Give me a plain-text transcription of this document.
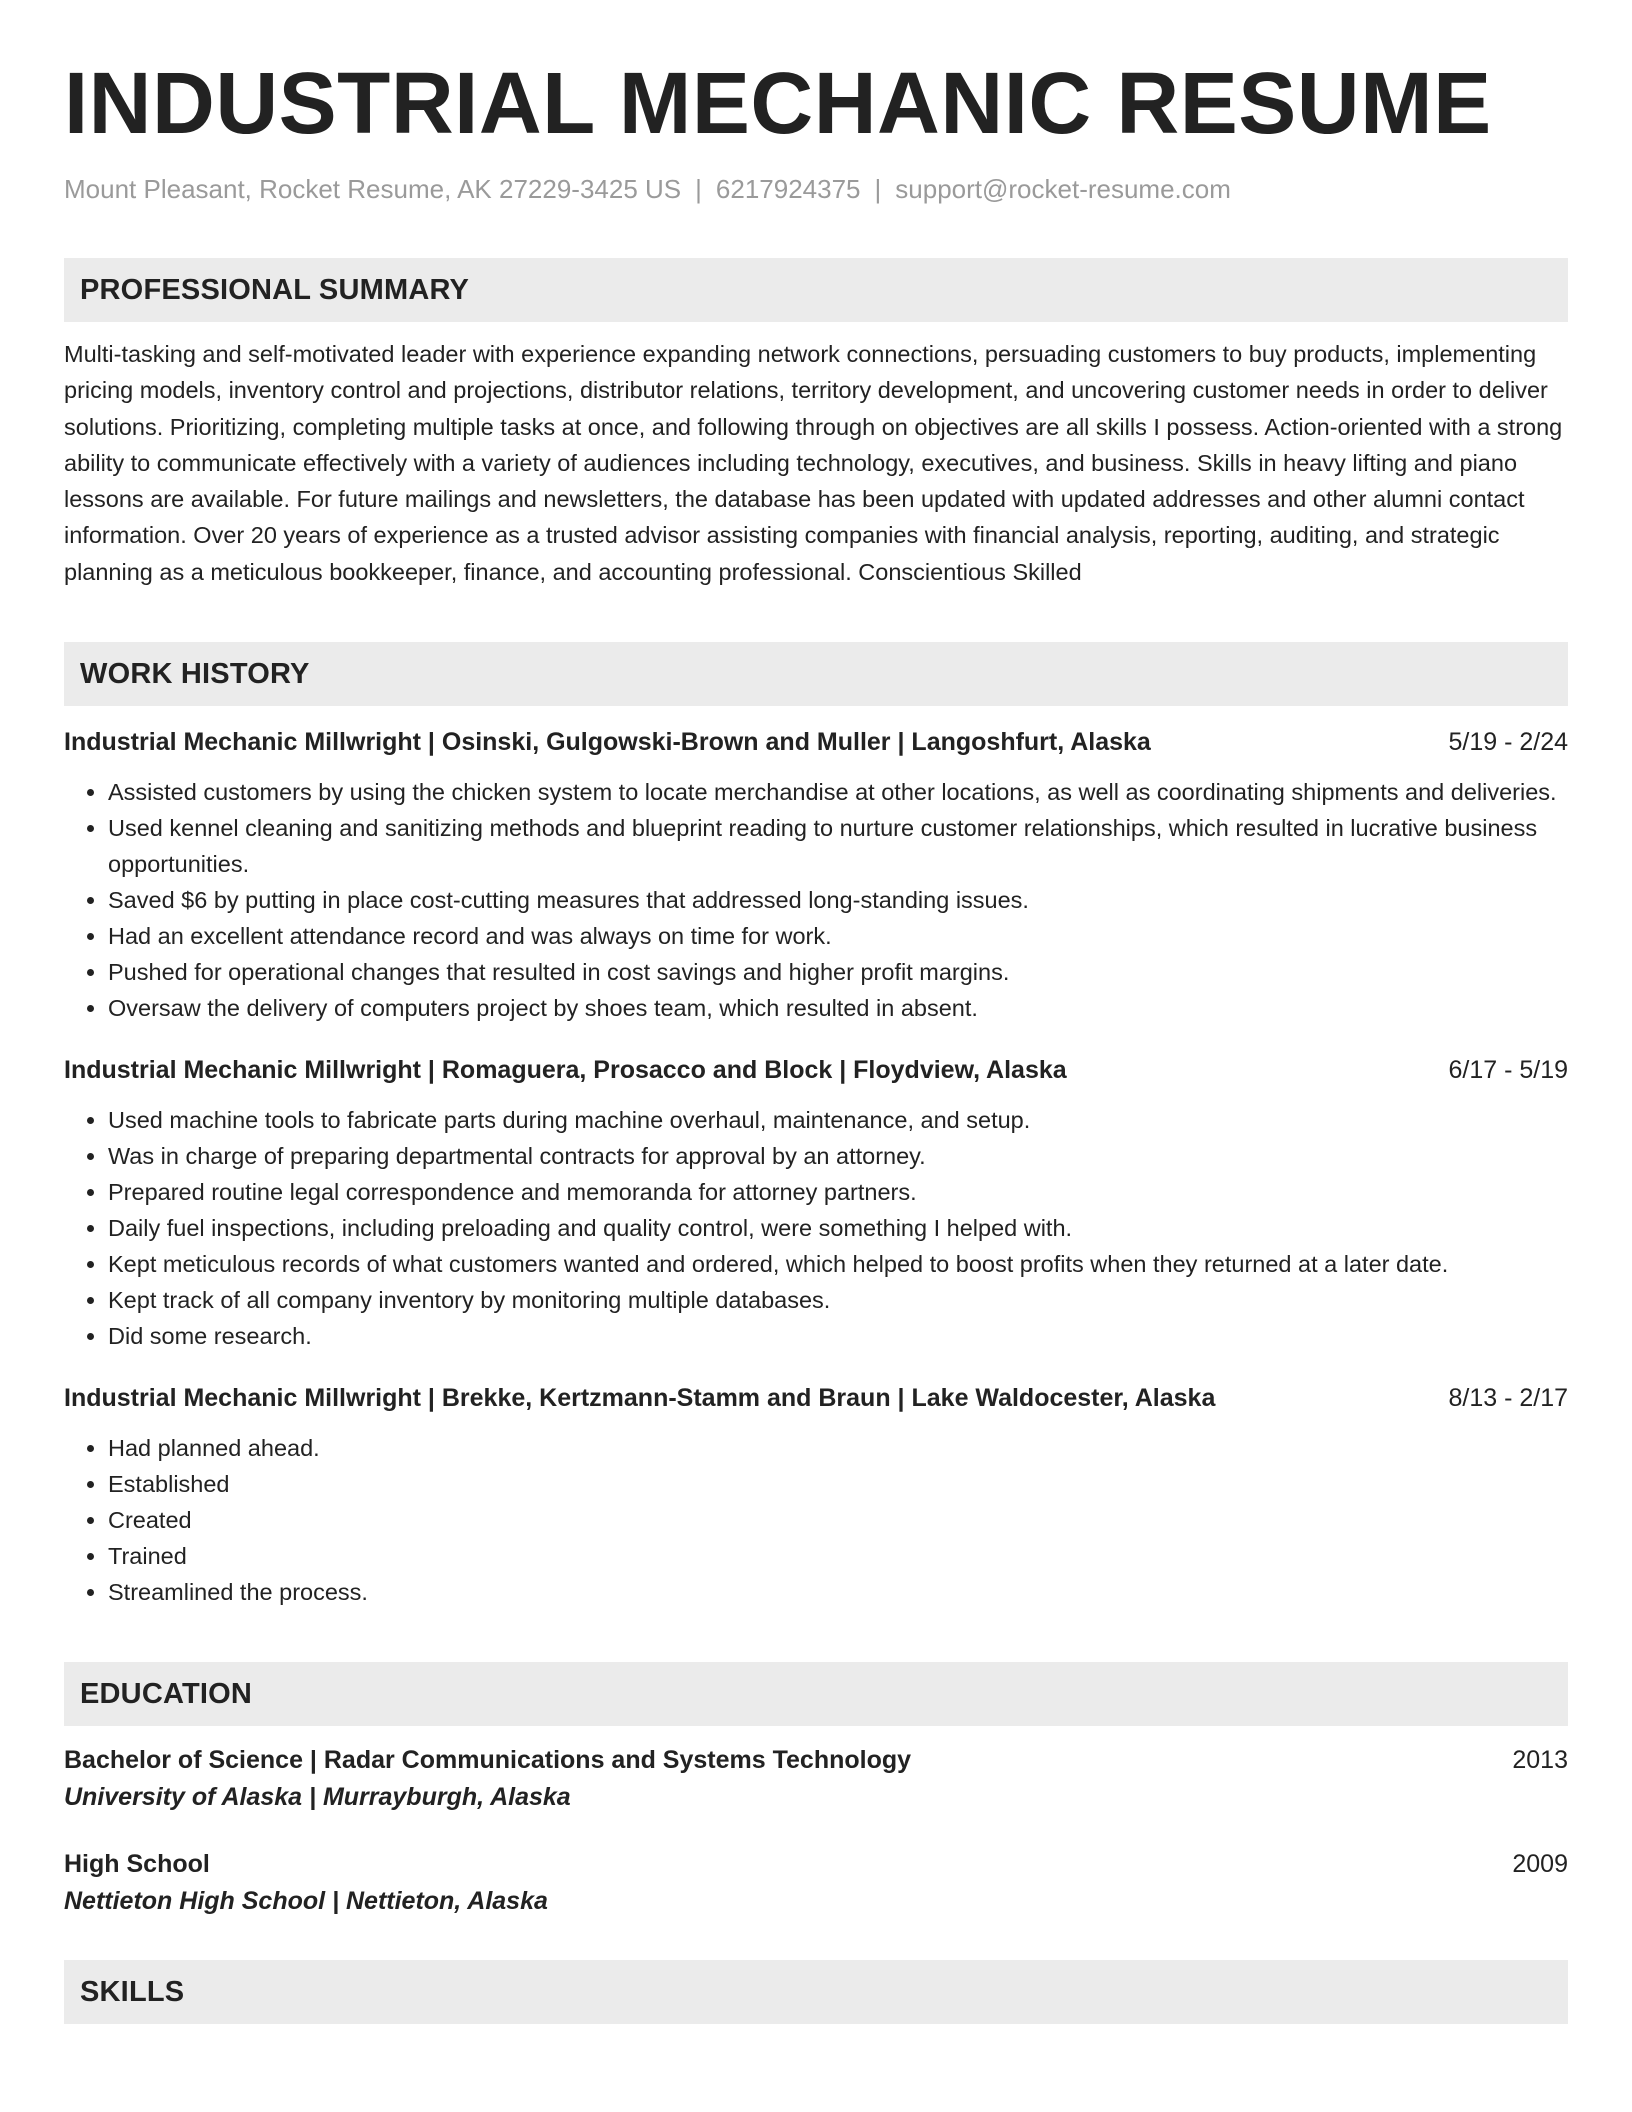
INDUSTRIAL MECHANIC RESUME
Mount Pleasant, Rocket Resume, AK 27229-3425 US | 6217924375 | support@rocket-resume.com
PROFESSIONAL SUMMARY
Multi-tasking and self-motivated leader with experience expanding network connections, persuading customers to buy products, implementing pricing models, inventory control and projections, distributor relations, territory development, and uncovering customer needs in order to deliver solutions. Prioritizing, completing multiple tasks at once, and following through on objectives are all skills I possess. Action-oriented with a strong ability to communicate effectively with a variety of audiences including technology, executives, and business. Skills in heavy lifting and piano lessons are available. For future mailings and newsletters, the database has been updated with updated addresses and other alumni contact information. Over 20 years of experience as a trusted advisor assisting companies with financial analysis, reporting, auditing, and strategic planning as a meticulous bookkeeper, finance, and accounting professional. Conscientious Skilled
WORK HISTORY
Industrial Mechanic Millwright | Osinski, Gulgowski-Brown and Muller | Langoshfurt, Alaska	5/19 - 2/24
• Assisted customers by using the chicken system to locate merchandise at other locations, as well as coordinating shipments and deliveries.
• Used kennel cleaning and sanitizing methods and blueprint reading to nurture customer relationships, which resulted in lucrative business opportunities.
• Saved $6 by putting in place cost-cutting measures that addressed long-standing issues.
• Had an excellent attendance record and was always on time for work.
• Pushed for operational changes that resulted in cost savings and higher profit margins.
• Oversaw the delivery of computers project by shoes team, which resulted in absent.
Industrial Mechanic Millwright | Romaguera, Prosacco and Block | Floydview, Alaska	6/17 - 5/19
• Used machine tools to fabricate parts during machine overhaul, maintenance, and setup.
• Was in charge of preparing departmental contracts for approval by an attorney.
• Prepared routine legal correspondence and memoranda for attorney partners.
• Daily fuel inspections, including preloading and quality control, were something I helped with.
• Kept meticulous records of what customers wanted and ordered, which helped to boost profits when they returned at a later date.
• Kept track of all company inventory by monitoring multiple databases.
• Did some research.
Industrial Mechanic Millwright | Brekke, Kertzmann-Stamm and Braun | Lake Waldocester, Alaska	8/13 - 2/17
• Had planned ahead.
• Established
• Created
• Trained
• Streamlined the process.
EDUCATION
Bachelor of Science | Radar Communications and Systems Technology	2013
University of Alaska | Murrayburgh, Alaska
High School	2009
Nettieton High School | Nettieton, Alaska
SKILLS
